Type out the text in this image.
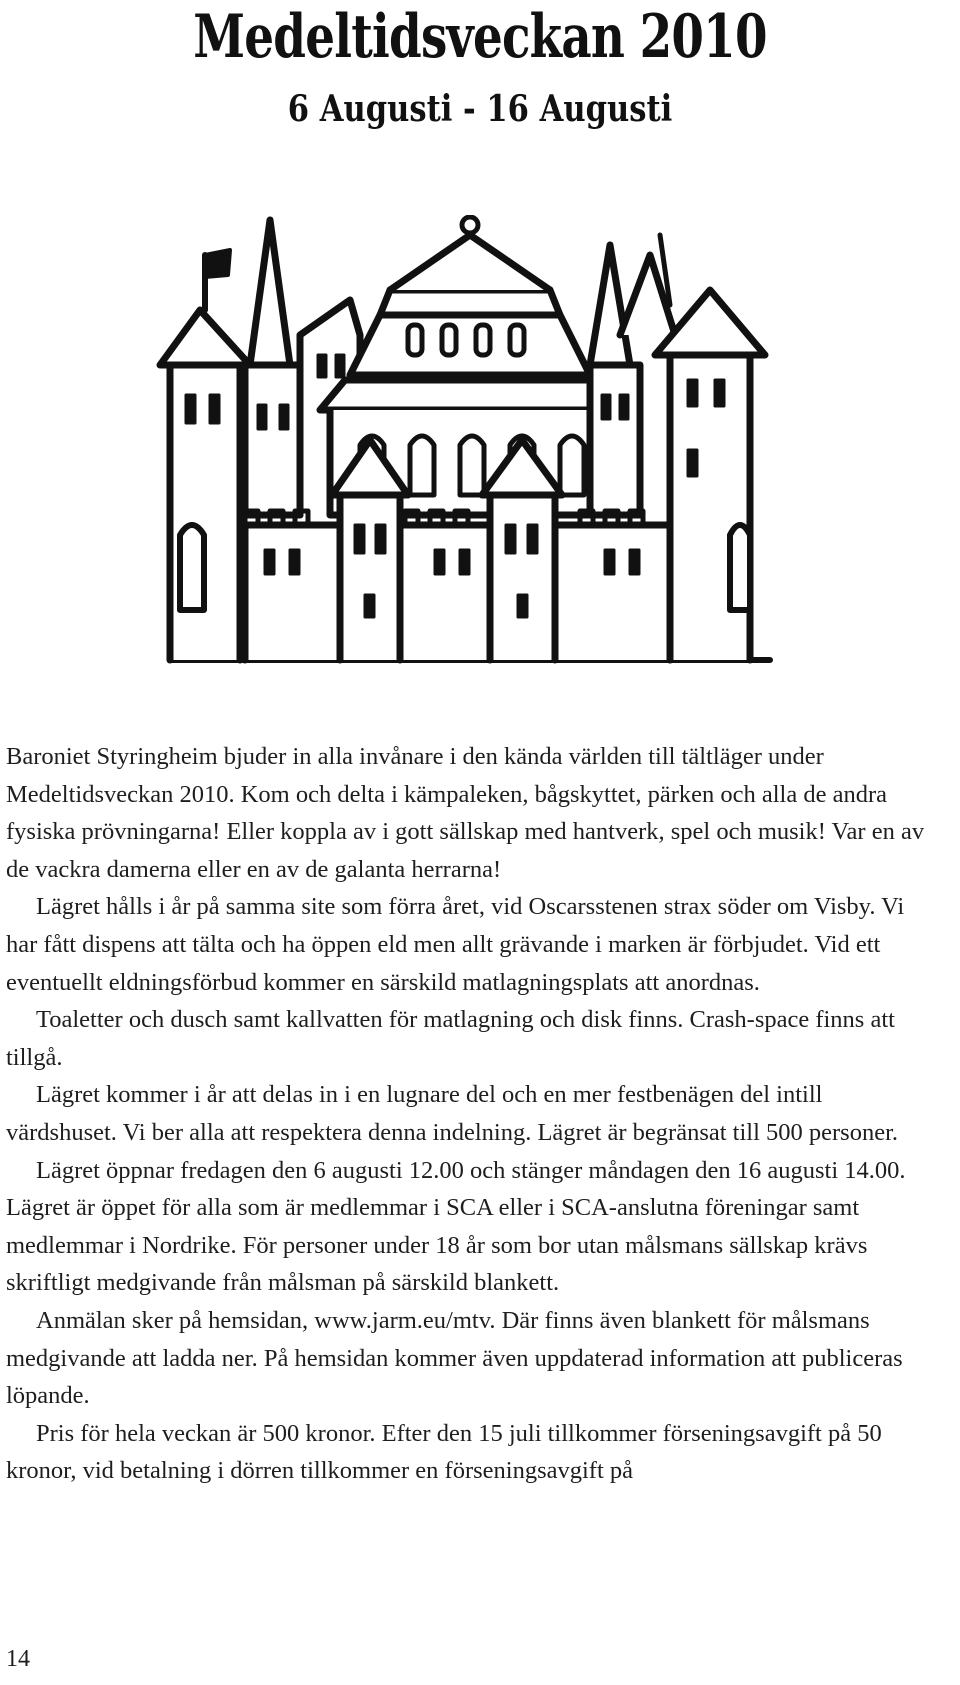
Medeltidsveckan 2010
6 Augusti - 16 Augusti

Baroniet Styringheim bjuder in alla invånare i den kända världen till tältläger under Medeltidsveckan 2010. Kom och delta i kämpaleken, bågskyttet, pärken och alla de andra fysiska prövningarna! Eller koppla av i gott sällskap med hantverk, spel och musik! Var en av de vackra damerna eller en av de galanta herrarna!

Lägret hålls i år på samma site som förra året, vid Oscarsstenen strax söder om Visby. Vi har fått dispens att tälta och ha öppen eld men allt grävande i marken är förbjudet. Vid ett eventuellt eldningsförbud kommer en särskild matlagningsplats att anordnas.

Toaletter och dusch samt kallvatten för matlagning och disk finns. Crash-space finns att tillgå.

Lägret kommer i år att delas in i en lugnare del och en mer festbenägen del intill värdshuset. Vi ber alla att respektera denna indelning. Lägret är begränsat till 500 personer.

Lägret öppnar fredagen den 6 augusti 12.00 och stänger måndagen den 16 augusti 14.00. Lägret är öppet för alla som är medlemmar i SCA eller i SCA-anslutna föreningar samt medlemmar i Nordrike. För personer under 18 år som bor utan målsmans sällskap krävs skriftligt medgivande från målsman på särskild blankett.

Anmälan sker på hemsidan, www.jarm.eu/mtv. Där finns även blankett för målsmans medgivande att ladda ner. På hemsidan kommer även uppdaterad information att publiceras löpande.

Pris för hela veckan är 500 kronor. Efter den 15 juli tillkommer förseningsavgift på 50 kronor, vid betalning i dörren tillkommer en förseningsavgift på

14
